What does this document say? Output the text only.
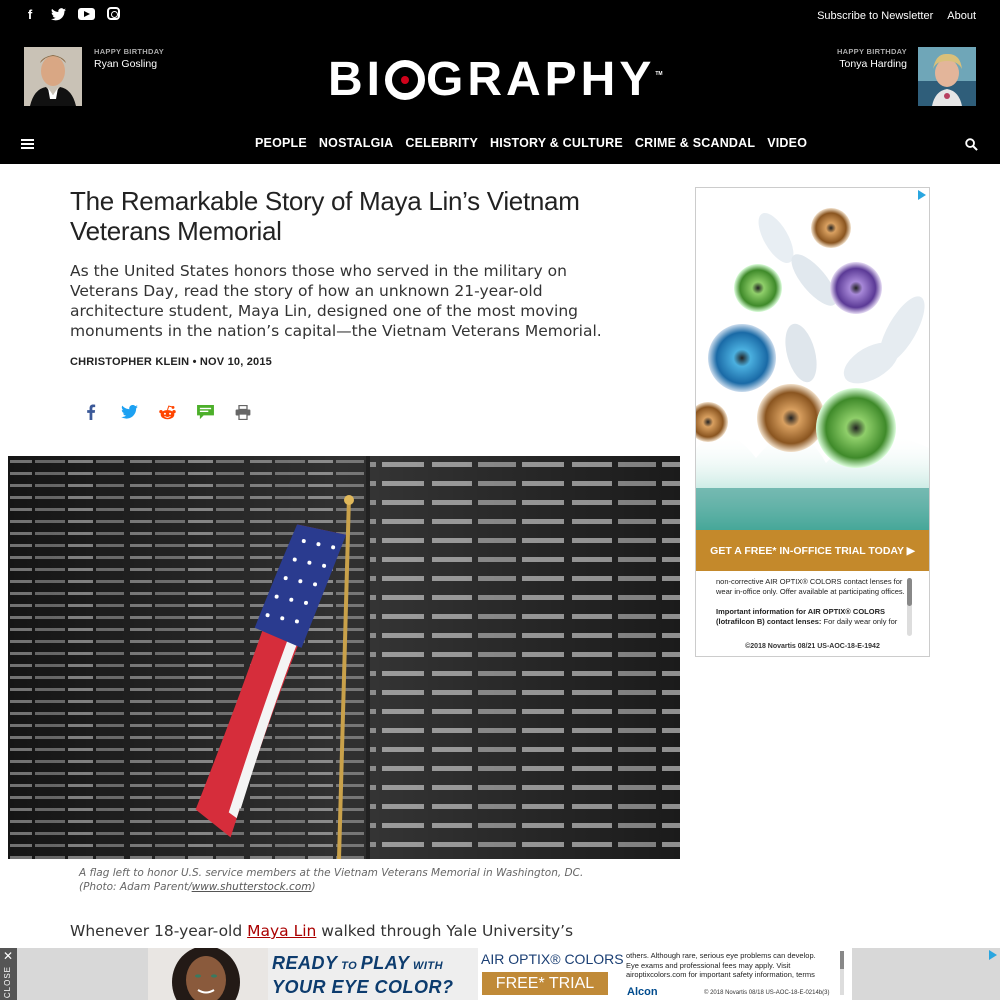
f	Subscribe to Newsletter About
HAPPY BIRTHDAY
Ryan Gosling	BI GRAPHY TM
HAPPY BIRTHDAY
Tonya Harding
PEOPLE NOSTALGIA CELEBRITY HISTORY & CULTURE CRIME & SCANDAL VIDEO
The Remarkable Story of Maya Lin’s Vietnam Veterans Memorial

As the United States honors those who served in the military on Veterans Day, read the story of how an unknown 21-year-old architecture student, Maya Lin, designed one of the most moving monuments in the nation’s capital—the Vietnam Veterans Memorial.

CHRISTOPHER KLEIN • NOV 10, 2015

A flag left to honor U.S. service members at the Vietnam Veterans Memorial in Washington, DC. (Photo: Adam Parent/www.shutterstock.com)

Whenever 18-year-old Maya Lin walked through Yale University’s

GET A FREE* IN-OFFICE TRIAL TODAY ▶
non-corrective AIR OPTIX® COLORS contact lenses for wear in-office only. Offer available at participating offices.

Important information for AIR OPTIX® COLORS (lotrafilcon B) contact lenses: For daily wear only for
©2018 Novartis 08/21 US-AOC-18-E-1942
✕
CLOSE
READY TO PLAY WITH
YOUR EYE COLOR?
AIR OPTIX® COLORS
FREE* TRIAL
others. Although rare, serious eye problems can develop. Eye exams and professional fees may apply. Visit airoptixcolors.com for important safety information, terms
Alcon	© 2018 Novartis 08/18 US-AOC-18-E-0214b(3)
